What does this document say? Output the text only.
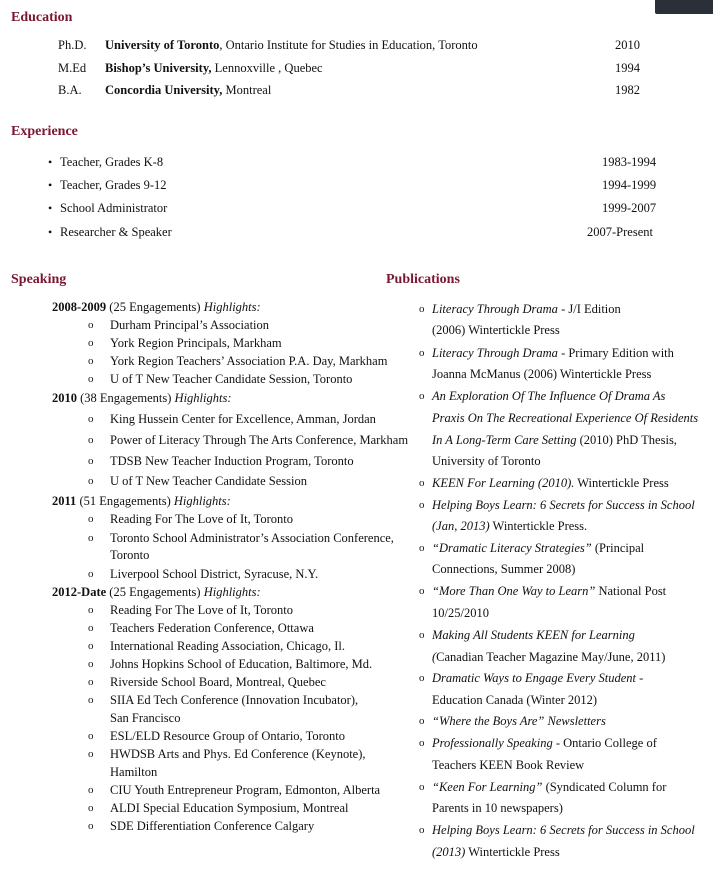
Education
Ph.D. University of Toronto, Ontario Institute for Studies in Education, Toronto	2010
M.Ed Bishop’s University, Lennoxville , Quebec	1994
B.A. Concordia University, Montreal	1982
Experience
• Teacher, Grades K-8	1983-1994
• Teacher, Grades 9-12	1994-1999
• School Administrator	1999-2007
• Researcher & Speaker	2007-Present
Speaking
2008-2009 (25 Engagements) Highlights:
o Durham Principal’s Association
o York Region Principals, Markham
o York Region Teachers’ Association P.A. Day, Markham
o U of T New Teacher Candidate Session, Toronto
2010 (38 Engagements) Highlights:
o King Hussein Center for Excellence, Amman, Jordan
o Power of Literacy Through The Arts Conference, Markham
o TDSB New Teacher Induction Program, Toronto
o U of T New Teacher Candidate Session
2011 (51 Engagements) Highlights:
o Reading For The Love of It, Toronto
o Toronto School Administrator’s Association Conference,
Toronto
o Liverpool School District, Syracuse, N.Y.
2012-Date (25 Engagements) Highlights:
o Reading For The Love of It, Toronto
o Teachers Federation Conference, Ottawa
o International Reading Association, Chicago, Il.
o Johns Hopkins School of Education, Baltimore, Md.
o Riverside School Board, Montreal, Quebec
o SIIA Ed Tech Conference (Innovation Incubator),
San Francisco
o ESL/ELD Resource Group of Ontario, Toronto
o HWDSB Arts and Phys. Ed Conference (Keynote),
Hamilton
o CIU Youth Entrepreneur Program, Edmonton, Alberta
o ALDI Special Education Symposium, Montreal
o SDE Differentiation Conference Calgary
Publications
o Literacy Through Drama - J/I Edition
(2006) Wintertickle Press
o Literacy Through Drama - Primary Edition with
Joanna McManus (2006) Wintertickle Press
o An Exploration Of The Influence Of Drama As
Praxis On The Recreational Experience Of Residents
In A Long-Term Care Setting (2010) PhD Thesis,
University of Toronto
o KEEN For Learning (2010). Wintertickle Press
o Helping Boys Learn: 6 Secrets for Success in School
(Jan, 2013) Wintertickle Press.
o “Dramatic Literacy Strategies” (Principal
Connections, Summer 2008)
o “More Than One Way to Learn” National Post
10/25/2010
o Making All Students KEEN for Learning
(Canadian Teacher Magazine May/June, 2011)
o Dramatic Ways to Engage Every Student -
Education Canada (Winter 2012)
o “Where the Boys Are” Newsletters
o Professionally Speaking - Ontario College of
Teachers KEEN Book Review
o “Keen For Learning” (Syndicated Column for
Parents in 10 newspapers)
o Helping Boys Learn: 6 Secrets for Success in School
(2013) Wintertickle Press
